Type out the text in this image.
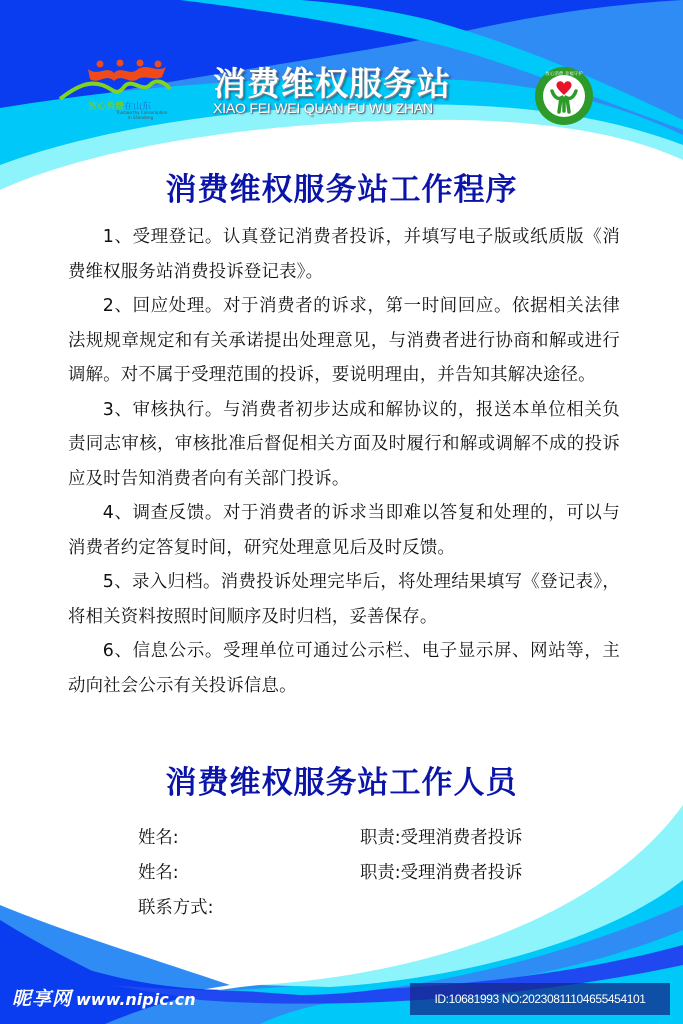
放心消费在山东
Trustworthy Consumption
in Shandong
消费维权服务站
XIAO FEI WEI QUAN FU WU ZHAN
放心消费 幸福守护
消费维权服务站工作程序

1、受理登记。认真登记消费者投诉，并填写电子版或纸质版《消费维权服务站消费投诉登记表》。

2、回应处理。对于消费者的诉求，第一时间回应。依据相关法律法规规章规定和有关承诺提出处理意见，与消费者进行协商和解或进行调解。对不属于受理范围的投诉，要说明理由，并告知其解决途径。

3、审核执行。与消费者初步达成和解协议的，报送本单位相关负责同志审核，审核批准后督促相关方面及时履行和解或调解不成的投诉应及时告知消费者向有关部门投诉。

4、调查反馈。对于消费者的诉求当即难以答复和处理的，可以与消费者约定答复时间，研究处理意见后及时反馈。

5、录入归档。消费投诉处理完毕后，将处理结果填写《登记表》，将相关资料按照时间顺序及时归档，妥善保存。

6、信息公示。受理单位可通过公示栏、电子显示屏、网站等，主动向社会公示有关投诉信息。

消费维权服务站工作人员
姓名:	职责:受理消费者投诉
姓名:	职责:受理消费者投诉
联系方式:
昵享网 www.nipic.cn	ID:10681993 NO:20230811104655454101
